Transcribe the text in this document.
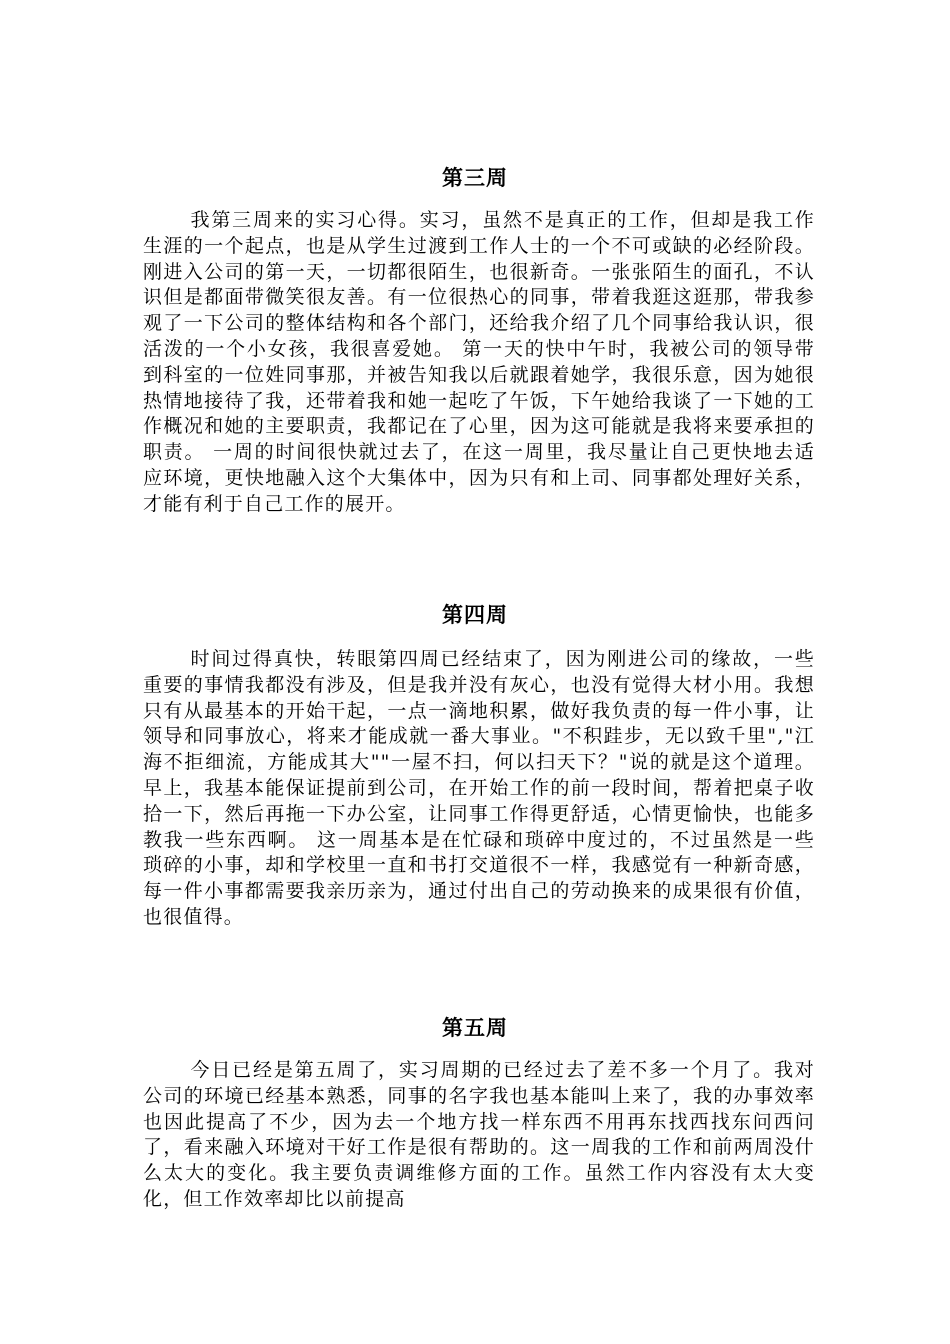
第三周

我第三周来的实习心得。实习，虽然不是真正的工作，但却是我工作生涯的一个起点，也是从学生过渡到工作人士的一个不可或缺的必经阶段。 刚进入公司的第一天，一切都很陌生，也很新奇。一张张陌生的面孔，不认识但是都面带微笑很友善。有一位很热心的同事，带着我逛这逛那，带我参观了一下公司的整体结构和各个部门，还给我介绍了几个同事给我认识，很活泼的一个小女孩，我很喜爱她。 第一天的快中午时，我被公司的领导带到科室的一位姓同事那，并被告知我以后就跟着她学，我很乐意，因为她很热情地接待了我，还带着我和她一起吃了午饭，下午她给我谈了一下她的工作概况和她的主要职责，我都记在了心里，因为这可能就是我将来要承担的职责。 一周的时间很快就过去了，在这一周里，我尽量让自己更快地去适应环境，更快地融入这个大集体中，因为只有和上司、同事都处理好关系，才能有利于自己工作的展开。

第四周

时间过得真快，转眼第四周已经结束了，因为刚进公司的缘故，一些重要的事情我都没有涉及，但是我并没有灰心，也没有觉得大材小用。我想只有从最基本的开始干起，一点一滴地积累，做好我负责的每一件小事，让领导和同事放心，将来才能成就一番大事业。"不积跬步，无以致千里","江海不拒细流，方能成其大""一屋不扫，何以扫天下？"说的就是这个道理。 早上，我基本能保证提前到公司，在开始工作的前一段时间，帮着把桌子收拾一下，然后再拖一下办公室，让同事工作得更舒适，心情更愉快，也能多教我一些东西啊。 这一周基本是在忙碌和琐碎中度过的，不过虽然是一些琐碎的小事，却和学校里一直和书打交道很不一样，我感觉有一种新奇感，每一件小事都需要我亲历亲为，通过付出自己的劳动换来的成果很有价值，也很值得。

第五周

今日已经是第五周了，实习周期的已经过去了差不多一个月了。我对公司的环境已经基本熟悉，同事的名字我也基本能叫上来了，我的办事效率也因此提高了不少，因为去一个地方找一样东西不用再东找西找东问西问了，看来融入环境对干好工作是很有帮助的。这一周我的工作和前两周没什么太大的变化。我主要负责调维修方面的工作。虽然工作内容没有太大变化，但工作效率却比以前提高
